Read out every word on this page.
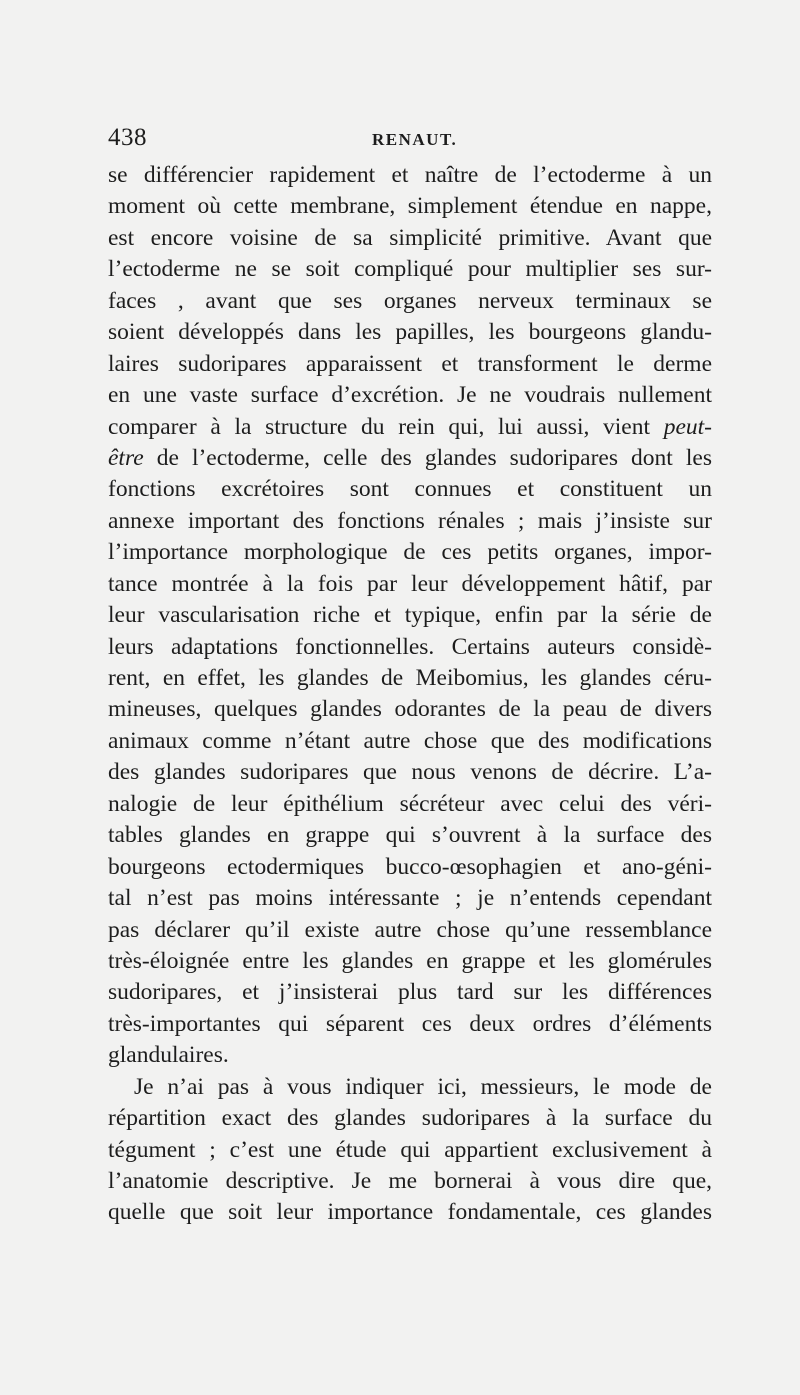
438	RENAUT.
se différencier rapidement et naître de l’ectoderme à un
moment où cette membrane, simplement étendue en nappe,
est encore voisine de sa simplicité primitive. Avant que
l’ectoderme ne se soit compliqué pour multiplier ses sur-
faces , avant que ses organes nerveux terminaux se
soient développés dans les papilles, les bourgeons glandu-
laires sudoripares apparaissent et transforment le derme
en une vaste surface d’excrétion. Je ne voudrais nullement
comparer à la structure du rein qui, lui aussi, vient peut-
être de l’ectoderme, celle des glandes sudoripares dont les
fonctions excrétoires sont connues et constituent un
annexe important des fonctions rénales ; mais j’insiste sur
l’importance morphologique de ces petits organes, impor-
tance montrée à la fois par leur développement hâtif, par
leur vascularisation riche et typique, enfin par la série de
leurs adaptations fonctionnelles. Certains auteurs considè-
rent, en effet, les glandes de Meibomius, les glandes céru-
mineuses, quelques glandes odorantes de la peau de divers
animaux comme n’étant autre chose que des modifications
des glandes sudoripares que nous venons de décrire. L’a-
nalogie de leur épithélium sécréteur avec celui des véri-
tables glandes en grappe qui s’ouvrent à la surface des
bourgeons ectodermiques bucco-œsophagien et ano-géni-
tal n’est pas moins intéressante ; je n’entends cependant
pas déclarer qu’il existe autre chose qu’une ressemblance
très-éloignée entre les glandes en grappe et les glomérules
sudoripares, et j’insisterai plus tard sur les différences
très-importantes qui séparent ces deux ordres d’éléments
glandulaires.
Je n’ai pas à vous indiquer ici, messieurs, le mode de
répartition exact des glandes sudoripares à la surface du
tégument ; c’est une étude qui appartient exclusivement à
l’anatomie descriptive. Je me bornerai à vous dire que,
quelle que soit leur importance fondamentale, ces glandes
